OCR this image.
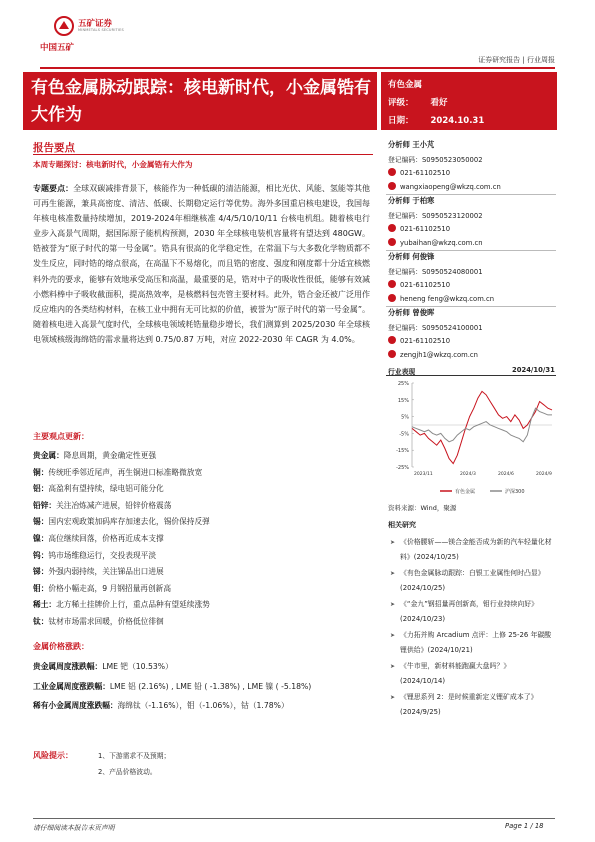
五矿证券
MINMETALS SECURITIES
中国五矿
证券研究报告 | 行业周报
有色金属脉动跟踪：核电新时代，小金属锆有大作为
有色金属
评级： 看好
日期： 2024.10.31
报告要点
本周专题探讨：核电新时代，小金属锆有大作为
专题要点：全球双碳减排背景下，核能作为一种低碳的清洁能源，相比光伏、风能、氢能等其他可再生能源，兼具高密度、清洁、低碳、长期稳定运行等优势。海外多国重启核电建设，我国每年核电核准数量持续增加，2019-2024年相继核准 4/4/5/10/10/11 台核电机组。随着核电行业步入高景气周期，据国际原子能机构预测，2030 年全球核电装机容量将有望达到 480GW。锆被誉为“原子时代的第一号金属”。锆具有很高的化学稳定性，在常温下与大多数化学物质都不发生反应，同时锆的熔点很高，在高温下不易熔化，而且锆的密度、强度和刚度都十分适宜核燃料外壳的要求，能够有效地承受高压和高温，最重要的是，锆对中子的吸收性很低，能够有效减小燃料棒中子吸收截面积，提高热效率，是核燃料包壳管主要材料。此外，锆合金还被广泛用作反应堆内的各类结构材料，在核工业中拥有无可比拟的价值，被誉为“原子时代的第一号金属”。随着核电进入高景气度时代，全球核电领域耗锆量稳步增长，我们测算到 2025/2030 年全球核电领域核级海绵锆的需求量将达到 0.75/0.87 万吨，对应 2022-2030 年 CAGR 为 4.0%。
主要观点更新：
贵金属：降息周期，黄金确定性更强
铜：传统旺季邻近尾声，再生铜进口标准略微放宽
铝：高盈利有望持续，绿电铝可能分化
铅锌：关注冶炼减产进展，铅锌价格震荡
锡：国内宏观政策加码库存加速去化，锡价保持反弹
镍：高位继续回落，价格再近成本支撑
钨：钨市场维稳运行，交投表现平淡
锑：外强内弱持续，关注锑品出口进展
钼：价格小幅走高，9 月钢招量再创新高
稀土：北方稀土挂牌价上行，重点品种有望延续涨势
钛：钛材市场需求回暖，价格低位徘徊
金属价格涨跌：
贵金属周度涨跌幅：LME 钯（10.53%）
工业金属周度涨跌幅：LME 铝 (2.16%) , LME 铅 ( -1.38%) , LME 镍 ( -5.18%)
稀有小金属周度涨跌幅：海绵钛（-1.16%），钼（-1.06%），钴（1.78%）
风险提示：	1、下游需求不及预期；
2、产品价格波动。
请仔细阅读本报告末页声明	Page 1 / 18
分析师 王小芃
登记编码：S0950523050002
021-61102510
wangxiaopeng@wkzq.com.cn
分析师 于柏寒
登记编码：S0950523120002
021-61102510
yubaihan@wkzq.com.cn
分析师 何俊锋
登记编码：S0950524080001
021-61102510
heneng feng@wkzq.com.cn
分析师 曾俊晖
登记编码：S0950524100001
021-61102510
zengjh1@wkzq.com.cn
行业表现	2024/10/31
25%
15%
5%
-5%
-15%
-25%
2023/11	2024/3	2024/6	2024/9
有色金属	沪深300
资料来源：Wind，聚源
相关研究
➤ 《价格腰斩——镁合金能否成为新的汽车轻量化材料》(2024/10/25)
➤ 《有色金属脉动跟踪：白银工业属性何时凸显》(2024/10/25)
➤ 《“金九”钢招量再创新高，钼行业持续向好》(2024/10/23)
➤ 《力拓并购 Arcadium 点评：上修 25-26 年碳酸锂供给》(2024/10/21)
➤ 《牛市里，新材料能跑赢大盘吗？》(2024/10/14)
➤ 《锂思系列 2：是时候重新定义锂矿成本了》(2024/9/25)
